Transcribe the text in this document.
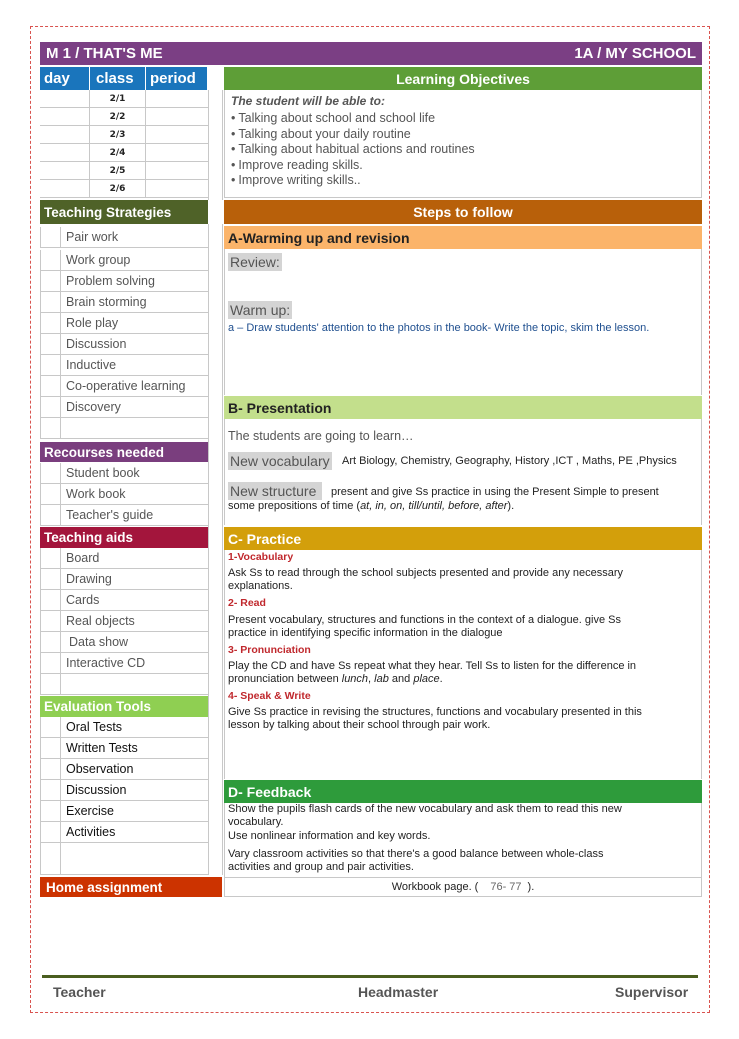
M 1 / THAT'S ME	1A / MY SCHOOL
day	class	period
2/1
2/2
2/3
2/4
2/5
2/6
Teaching Strategies
Pair work
Work group
Problem solving
Brain storming
Role play
Discussion
Inductive
Co-operative learning
Discovery
Recourses needed
Student book
Work book
Teacher's guide
Teaching aids
Board
Drawing
Cards
Real objects
Data show
Interactive CD
Evaluation Tools
Oral Tests
Written Tests
Observation
Discussion
Exercise
Activities
Learning Objectives
The student will be able to:
• Talking about school and school life
• Talking about your daily routine
• Talking about habitual actions and routines
• Improve reading skills.
• Improve writing skills..
Steps to follow
A-Warming up and revision
Review:
Warm up:
a – Draw students' attention to the photos in the book- Write the topic, skim the lesson.
B- Presentation
The students are going to learn…
New vocabulary Art Biology, Chemistry, Geography, History ,ICT , Maths, PE ,Physics
New structure	present and give Ss practice in using the Present Simple to present
some prepositions of time (at, in, on, till/until, before, after).
C- Practice
1-Vocabulary
Ask Ss to read through the school subjects presented and provide any necessary
explanations.
2- Read
Present vocabulary, structures and functions in the context of a dialogue. give Ss
practice in identifying specific information in the dialogue
3- Pronunciation
Play the CD and have Ss repeat what they hear. Tell Ss to listen for the difference in
pronunciation between lunch, lab and place.
4- Speak & Write
Give Ss practice in revising the structures, functions and vocabulary presented in this
lesson by talking about their school through pair work.
D- Feedback
Show the pupils flash cards of the new vocabulary and ask them to read this new
vocabulary.
Use nonlinear information and key words.
Vary classroom activities so that there's a good balance between whole-class
activities and group and pair activities.
Home assignment	Workbook page. ( 76- 77 ).
Teacher	Headmaster	Supervisor
